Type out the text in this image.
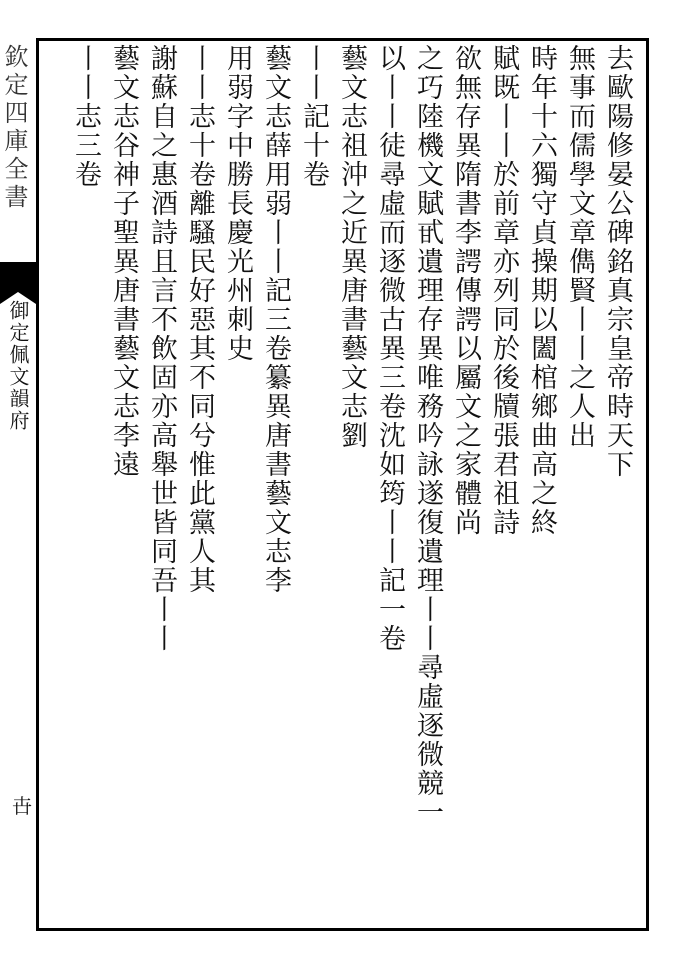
欽定四庫全書
御定佩文韻府
卋
去歐陽修晏公碑銘真宗皇帝時天下
無事而儒學文章儁賢丨丨之人出
時年十六獨守貞操期以闔棺鄉曲高之終
賦既丨丨於前章亦列同於後牘張君祖詩
欲無存異隋書李諤傳諤以屬文之家體尚
之巧陸機文賦甙遺理存異唯務吟詠遂復遺理丨丨尋虛逐微競一
以丨丨徒尋虛而逐微古異三卷沈如筠丨丨記一卷
藝文志祖沖之近異唐書藝文志劉
丨丨記十卷
藝文志薛用弱丨丨記三卷纂異唐書藝文志李
用弱字中勝長慶光州刺史
丨丨志十卷離騷民好惡其不同兮惟此黨人其
謝蘇自之惠酒詩且言不飲固亦高舉世皆同吾丨丨
藝文志谷神子聖異唐書藝文志李遠
丨丨志三卷
